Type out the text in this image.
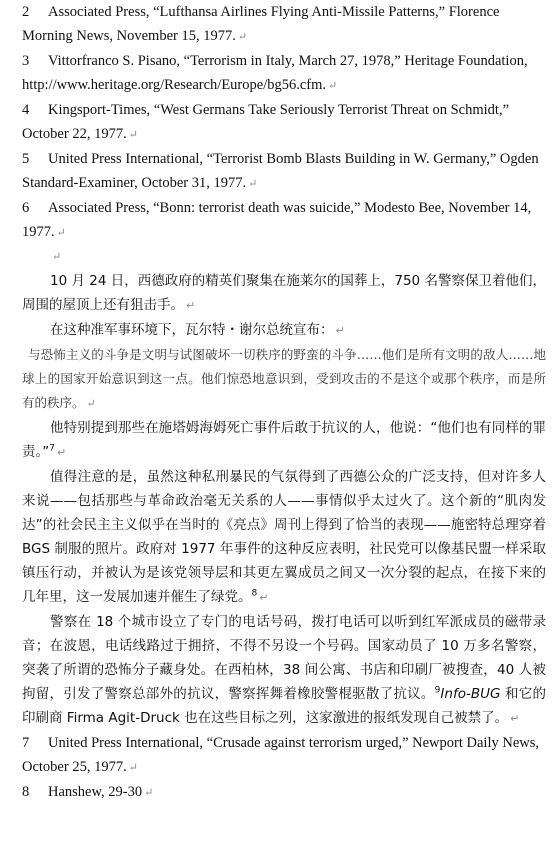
2 Associated Press, “Lufthansa Airlines Flying Anti-Missile Patterns,” Florence Morning News, November 15, 1977. ↵

3 Vittorfranco S. Pisano, “Terrorism in Italy, March 27, 1978,” Heritage Foundation, http://www.heritage.org/Research/Europe/bg56.cfm. ↵

4 Kingsport-Times, “West Germans Take Seriously Terrorist Threat on Schmidt,” October 22, 1977. ↵

5 United Press International, “Terrorist Bomb Blasts Building in W. Germany,” Ogden Standard-Examiner, October 31, 1977. ↵

6 Associated Press, “Bonn: terrorist death was suicide,” Modesto Bee, November 14, 1977. ↵

↵

10 月 24 日，西德政府的精英们聚集在施莱尔的国葬上，750 名警察保卫着他们，周围的屋顶上还有狙击手。 ↵

在这种准军事环境下，瓦尔特・谢尔总统宣布： ↵

与恐怖主义的斗争是文明与试图破坏一切秩序的野蛮的斗争……他们是所有文明的敌人……地球上的国家开始意识到这一点。他们惊恐地意识到，受到攻击的不是这个或那个秩序，而是所有的秩序。 ↵

他特别提到那些在施塔姆海姆死亡事件后敢于抗议的人，他说：“他们也有同样的罪责。”$^7$ ↵

值得注意的是，虽然这种私刑暴民的气氛得到了西德公众的广泛支持，但对许多人来说——包括那些与革命政治毫无关系的人——事情似乎太过火了。这个新的“肌肉发达”的社会民主主义似乎在当时的《亮点》周刊上得到了恰当的表现——施密特总理穿着 BGS 制服的照片。政府对 1977 年事件的这种反应表明，社民党可以像基民盟一样采取镇压行动，并被认为是该党领导层和其更左翼成员之间又一次分裂的起点，在接下来的几年里，这一发展加速并催生了绿党。$^8$ ↵

警察在 18 个城市设立了专门的电话号码，拨打电话可以听到红军派成员的磁带录音；在波恩，电话线路过于拥挤，不得不另设一个号码。国家动员了 10 万多名警察，突袭了所谓的恐怖分子藏身处。在西柏林，38 间公寓、书店和印刷厂被搜查，40 人被拘留，引发了警察总部外的抗议，警察挥舞着橡胶警棍驱散了抗议。$^9$Info-BUG 和它的印刷商 Firma Agit-Druck 也在这些目标之列，这家激进的报纸发现自己被禁了。 ↵

7 United Press International, “Crusade against terrorism urged,” Newport Daily News, October 25, 1977. ↵

8 Hanshew, 29-30 ↵
